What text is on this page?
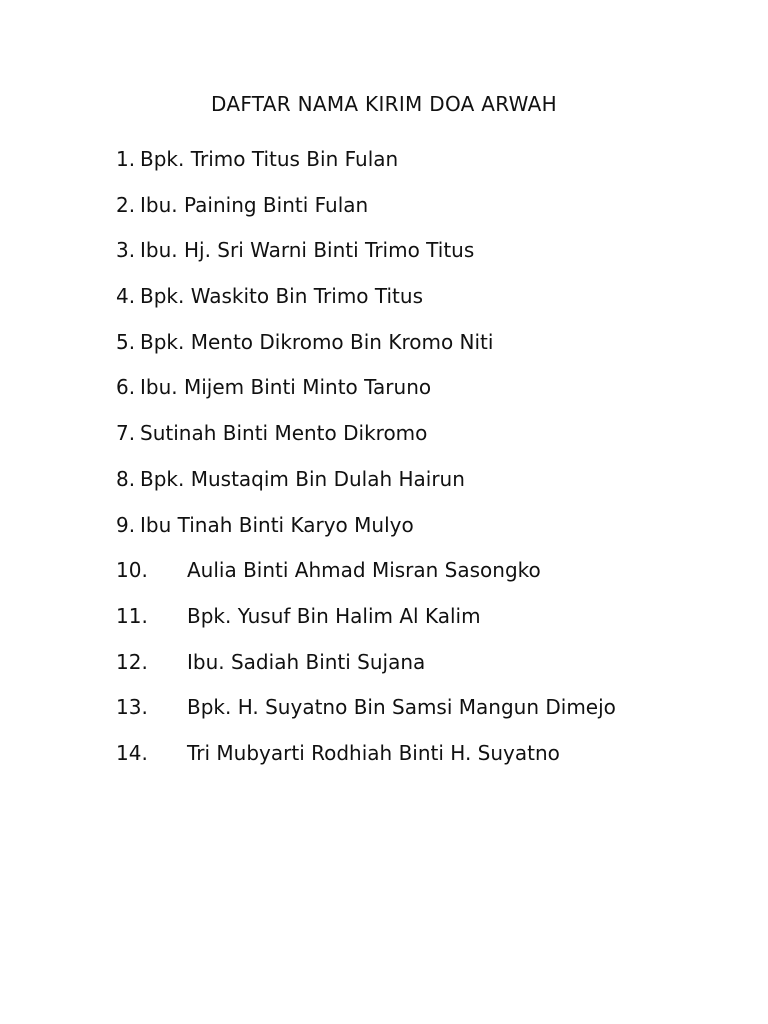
DAFTAR NAMA KIRIM DOA ARWAH
1. Bpk. Trimo Titus Bin Fulan
2. Ibu. Paining Binti Fulan
3. Ibu. Hj. Sri Warni Binti Trimo Titus
4. Bpk. Waskito Bin Trimo Titus
5. Bpk. Mento Dikromo Bin Kromo Niti
6. Ibu. Mijem Binti Minto Taruno
7. Sutinah Binti Mento Dikromo
8. Bpk. Mustaqim Bin Dulah Hairun
9. Ibu Tinah Binti Karyo Mulyo
10. Aulia Binti Ahmad Misran Sasongko
11. Bpk. Yusuf Bin Halim Al Kalim
12. Ibu. Sadiah Binti Sujana
13. Bpk. H. Suyatno Bin Samsi Mangun Dimejo
14. Tri Mubyarti Rodhiah Binti H. Suyatno
